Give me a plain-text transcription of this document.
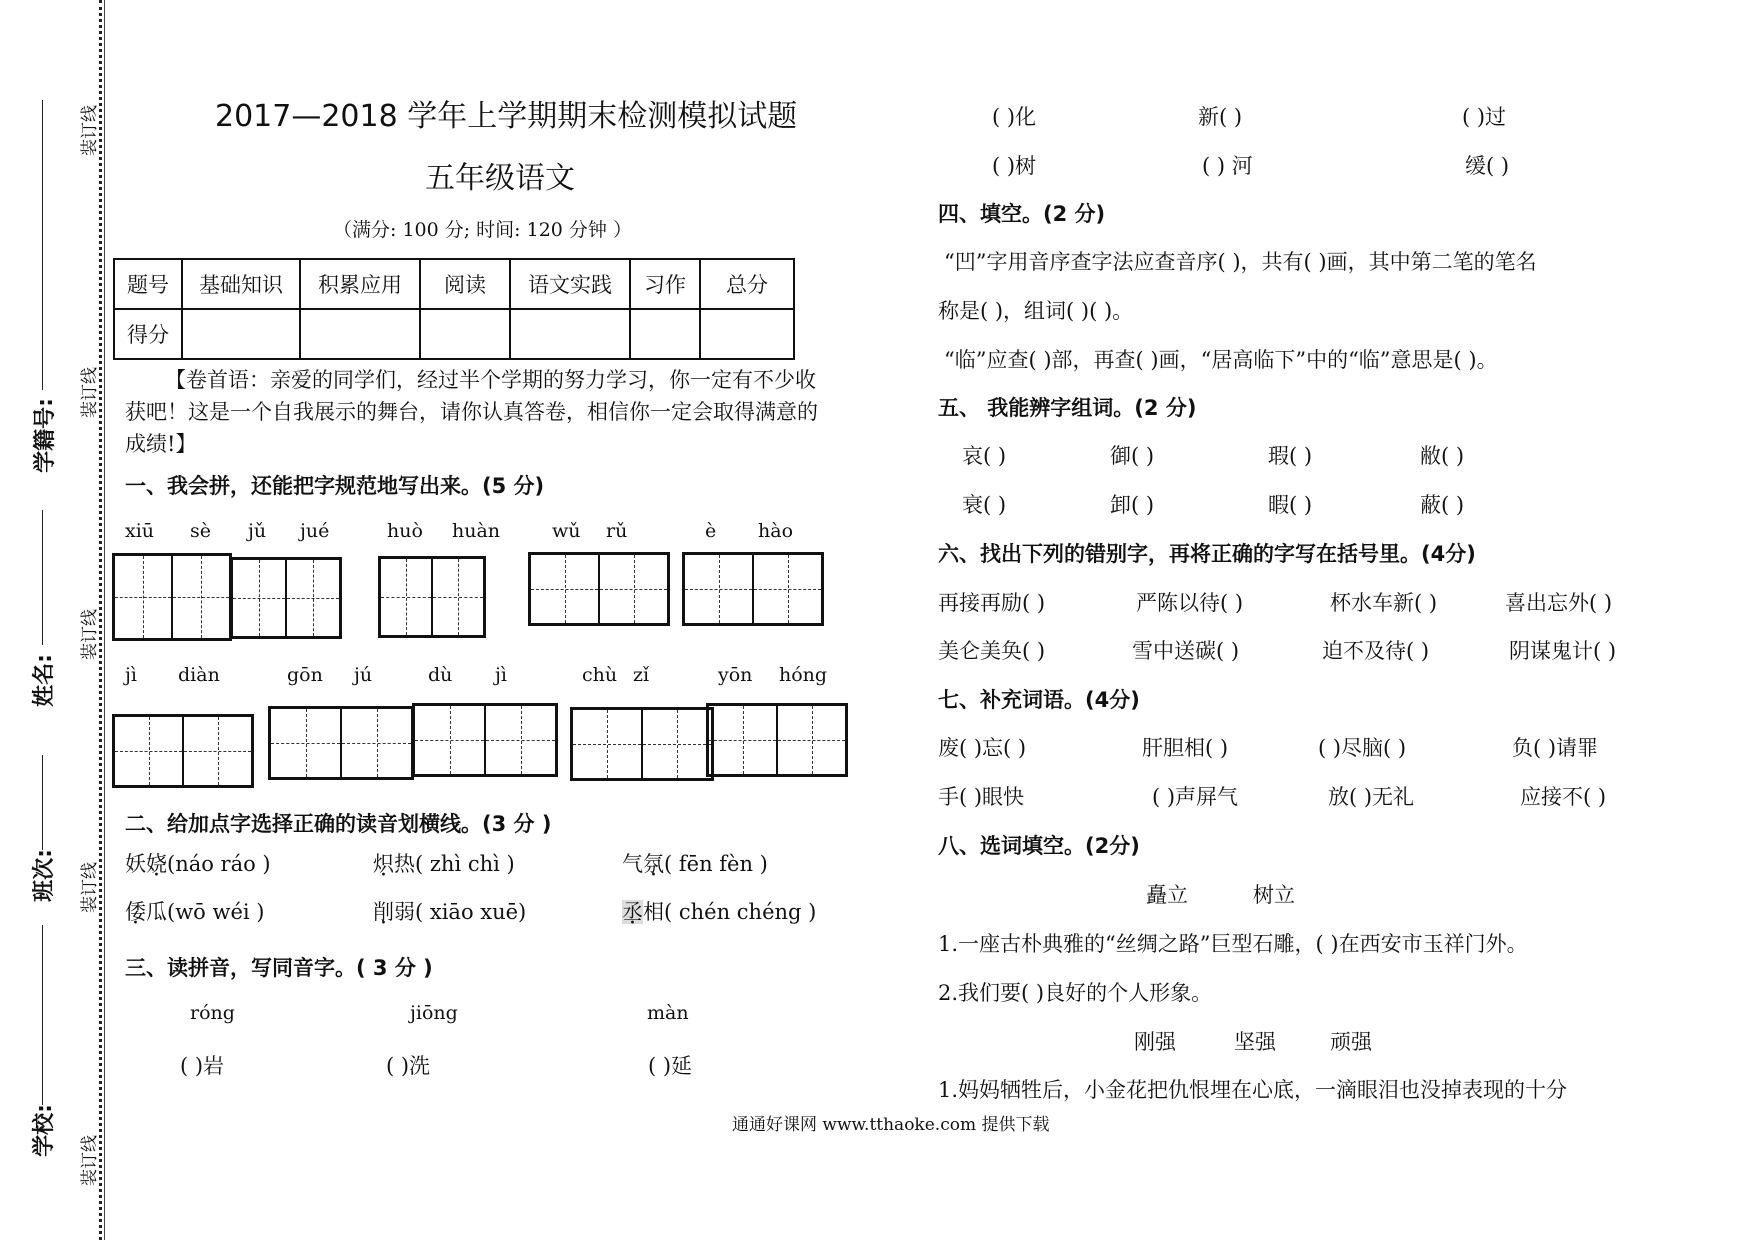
装订线
装订线
装订线
装订线
装订线
学籍号:
姓名:
班次:
学校:
2017—2018 学年上学期期末检测模拟试题
五年级语文
（满分: 100 分; 时间: 120 分钟 ）
题号	基础知识	积累应用	阅读	语文实践	习作	总分
得分						
【卷首语：亲爱的同学们，经过半个学期的努力学习，你一定有不少收
获吧！这是一个自我展示的舞台，请你认真答卷，相信你一定会取得满意的
成绩!】
一、我会拼，还能把字规范地写出来。(5 分)
xiū sè jǔ jué	huò huàn	wǔ rǔ	è hào
jì diàn	gōn jú	dù jì	chù zǐ	yōn hóng
二、给加点字选择正确的读音划横线。(3 分 )
妖娆(náo ráo )	炽热( zhì chì )	气氛( fēn fèn )
倭瓜(wō wéi )	削弱( xiāo xuē)	丞相( chén chéng )
三、读拼音，写同音字。( 3 分 )
róng	jiōng	màn
( )岩	( )洗	( )延
( )化	新( )	( )过
( )树	( ) 河	缓( )
四、填空。(2 分)
“凹”字用音序查字法应查音序( )，共有( )画，其中第二笔的笔名
称是( )，组词( )( )。
“临”应查( )部，再查( )画，“居高临下”中的“临”意思是( )。
五、 我能辨字组词。(2 分)
哀( )	御( )	瑕( )	敝( )
衰( )	卸( )	暇( )	蔽( )
六、找出下列的错别字，再将正确的字写在括号里。(4分)
再接再励( )	严陈以待( )	杯水车新( )	喜出忘外( )
美仑美奂( )	雪中送碳( )	迫不及待( )	阴谋鬼计( )
七、补充词语。(4分)
废( )忘( )	肝胆相( )	( )尽脑( )	负( )请罪
手( )眼快	( )声屏气	放( )无礼	应接不( )
八、选词填空。(2分)
矗立	树立
1.一座古朴典雅的“丝绸之路”巨型石雕，( )在西安市玉祥门外。
2.我们要( )良好的个人形象。
刚强	坚强	顽强
1.妈妈牺牲后，小金花把仇恨埋在心底，一滴眼泪也没掉表现的十分
通通好课网 www.tthaoke.com 提供下载
